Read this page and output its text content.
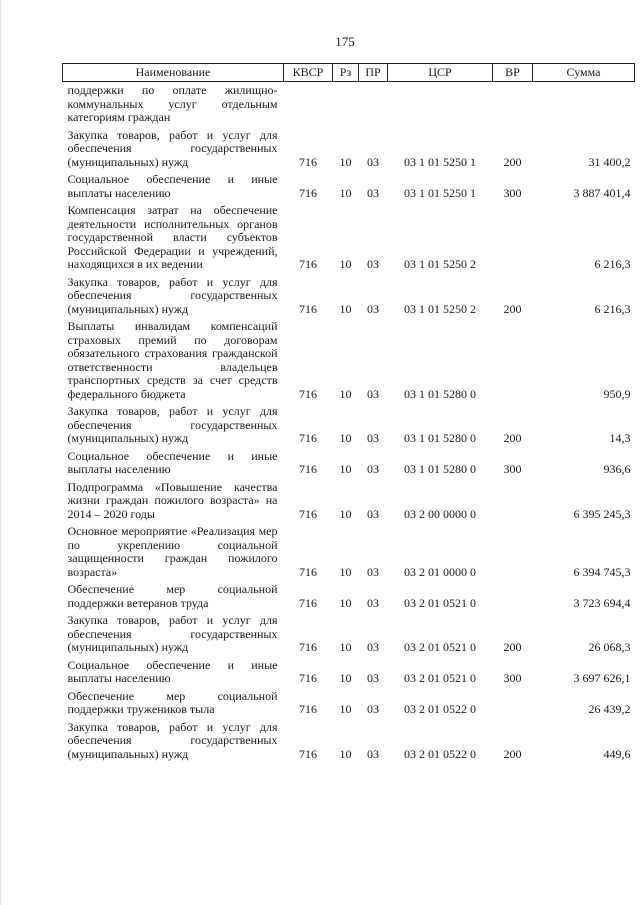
175
Наименование	КВСР	Рз	ПР	ЦСР	ВР	Сумма
поддержки по оплате жилищно-коммунальных услуг отдельным категориям граждан						
Закупка товаров, работ и услуг для обеспечения государственных (муниципальных) нужд	716	10	03	03 1 01 5250 1	200	31 400,2
Социальное обеспечение и иные выплаты населению	716	10	03	03 1 01 5250 1	300	3 887 401,4
Компенсация затрат на обеспечение деятельности исполнительных органов государственной власти субъектов Российской Федерации и учреждений, находящихся в их ведении	716	10	03	03 1 01 5250 2		6 216,3
Закупка товаров, работ и услуг для обеспечения государственных (муниципальных) нужд	716	10	03	03 1 01 5250 2	200	6 216,3
Выплаты инвалидам компенсаций страховых премий по договорам обязательного страхования гражданской ответственности владельцев транспортных средств за счет средств федерального бюджета	716	10	03	03 1 01 5280 0		950,9
Закупка товаров, работ и услуг для обеспечения государственных (муниципальных) нужд	716	10	03	03 1 01 5280 0	200	14,3
Социальное обеспечение и иные выплаты населению	716	10	03	03 1 01 5280 0	300	936,6
Подпрограмма «Повышение качества жизни граждан пожилого возраста» на 2014 – 2020 годы	716	10	03	03 2 00 0000 0		6 395 245,3
Основное мероприятие «Реализация мер по укреплению социальной защищенности граждан пожилого возраста»	716	10	03	03 2 01 0000 0		6 394 745,3
Обеспечение мер социальной поддержки ветеранов труда	716	10	03	03 2 01 0521 0		3 723 694,4
Закупка товаров, работ и услуг для обеспечения государственных (муниципальных) нужд	716	10	03	03 2 01 0521 0	200	26 068,3
Социальное обеспечение и иные выплаты населению	716	10	03	03 2 01 0521 0	300	3 697 626,1
Обеспечение мер социальной поддержки тружеников тыла	716	10	03	03 2 01 0522 0		26 439,2
Закупка товаров, работ и услуг для обеспечения государственных (муниципальных) нужд	716	10	03	03 2 01 0522 0	200	449,6
